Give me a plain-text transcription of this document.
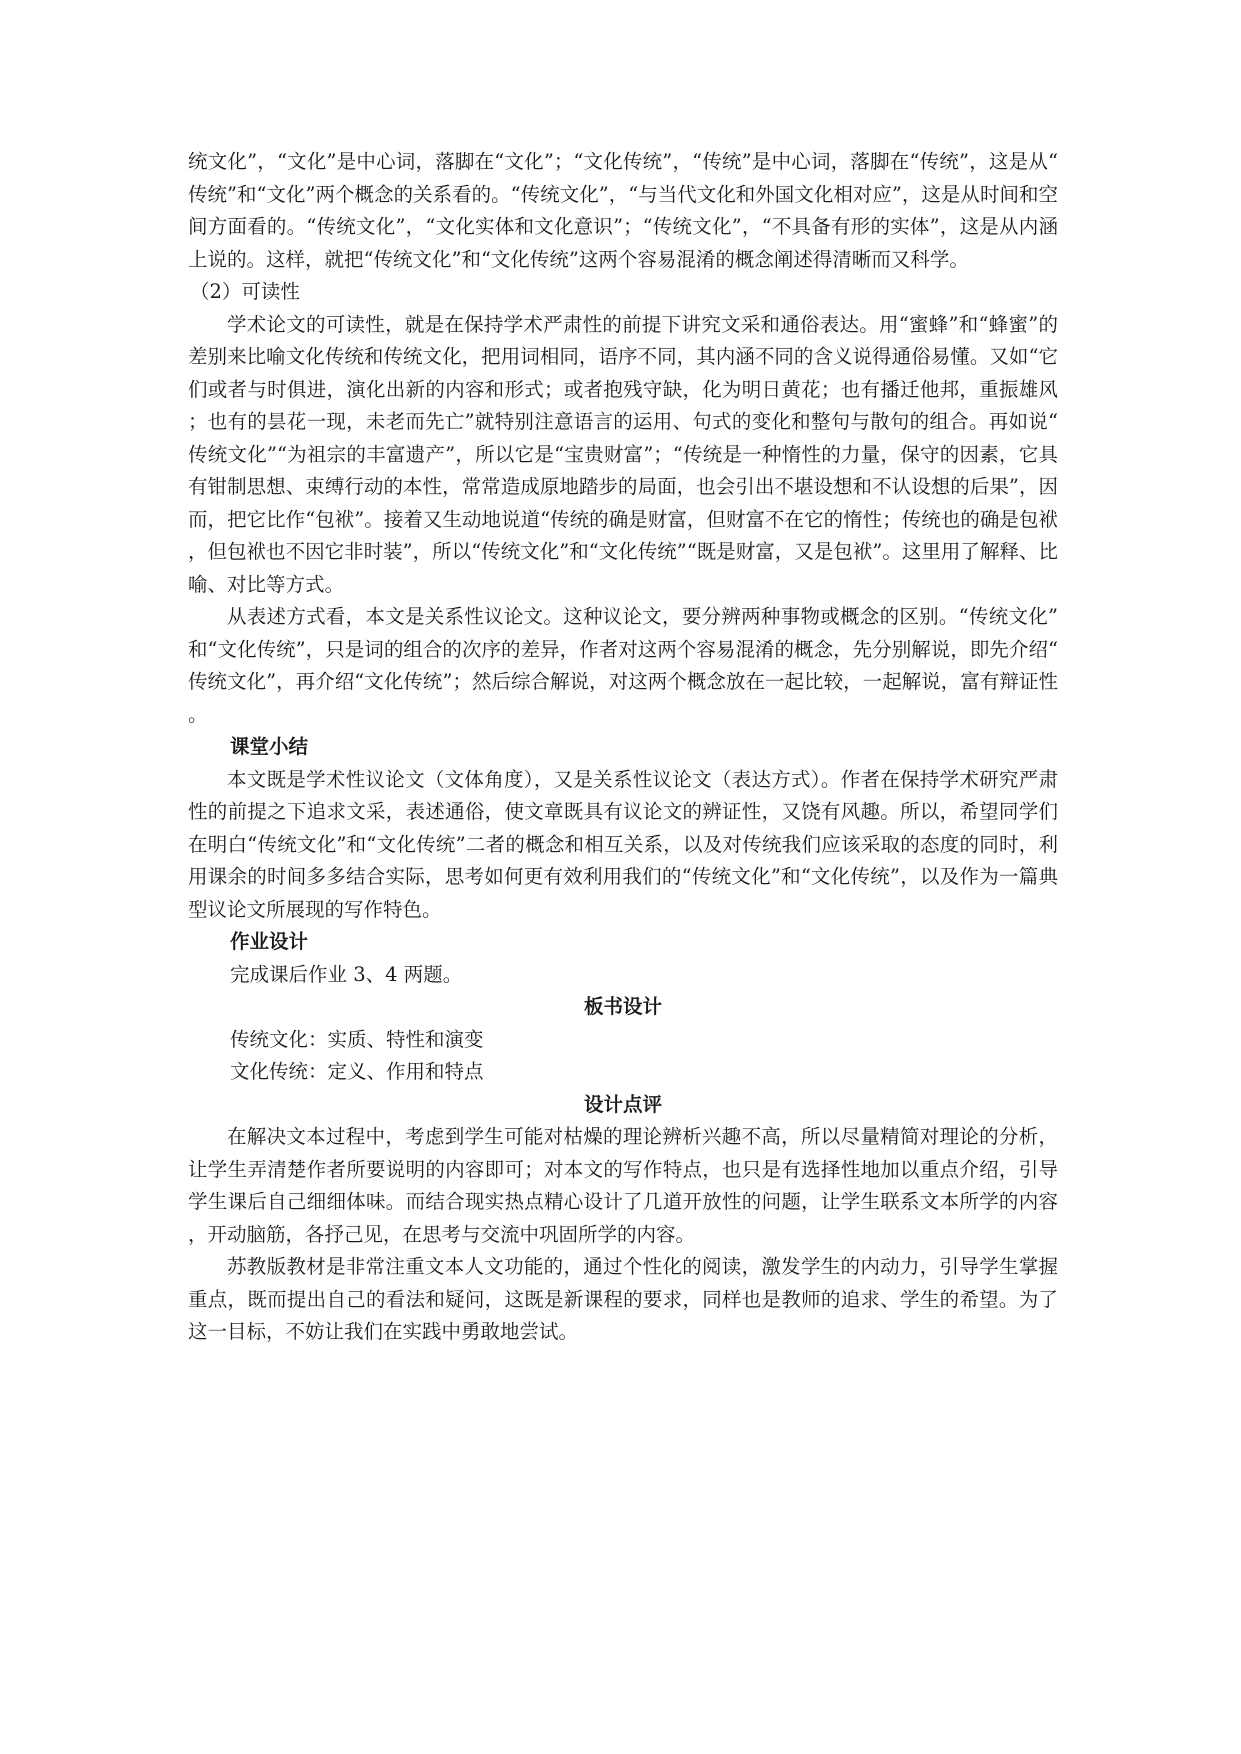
统文化”，“文化”是中心词，落脚在“文化”；“文化传统”，“传统”是中心词，落脚在“传统”，这是从“传统”和“文化”两个概念的关系看的。“传统文化”，“与当代文化和外国文化相对应”，这是从时间和空间方面看的。“传统文化”，“文化实体和文化意识”；“传统文化”，“不具备有形的实体”，这是从内涵上说的。这样，就把“传统文化”和“文化传统”这两个容易混淆的概念阐述得清晰而又科学。

（2）可读性

学术论文的可读性，就是在保持学术严肃性的前提下讲究文采和通俗表达。用“蜜蜂”和“蜂蜜”的差别来比喻文化传统和传统文化，把用词相同，语序不同，其内涵不同的含义说得通俗易懂。又如“它们或者与时俱进，演化出新的内容和形式；或者抱残守缺，化为明日黄花；也有播迁他邦，重振雄风；也有的昙花一现，未老而先亡”就特别注意语言的运用、句式的变化和整句与散句的组合。再如说“传统文化”“为祖宗的丰富遗产”，所以它是“宝贵财富”；“传统是一种惰性的力量，保守的因素，它具有钳制思想、束缚行动的本性，常常造成原地踏步的局面，也会引出不堪设想和不认设想的后果”，因而，把它比作“包袱”。接着又生动地说道“传统的确是财富，但财富不在它的惰性；传统也的确是包袱，但包袱也不因它非时装”，所以“传统文化”和“文化传统”“既是财富，又是包袱”。这里用了解释、比喻、对比等方式。

从表述方式看，本文是关系性议论文。这种议论文，要分辨两种事物或概念的区别。“传统文化”和“文化传统”，只是词的组合的次序的差异，作者对这两个容易混淆的概念，先分别解说，即先介绍“传统文化”，再介绍“文化传统”；然后综合解说，对这两个概念放在一起比较，一起解说，富有辩证性。

课堂小结

本文既是学术性议论文（文体角度），又是关系性议论文（表达方式）。作者在保持学术研究严肃性的前提之下追求文采，表述通俗，使文章既具有议论文的辨证性，又饶有风趣。所以，希望同学们在明白“传统文化”和“文化传统”二者的概念和相互关系，以及对传统我们应该采取的态度的同时，利用课余的时间多多结合实际，思考如何更有效利用我们的“传统文化”和“文化传统”，以及作为一篇典型议论文所展现的写作特色。

作业设计

完成课后作业 3、4 两题。

板书设计

传统文化：实质、特性和演变

文化传统：定义、作用和特点

设计点评

在解决文本过程中，考虑到学生可能对枯燥的理论辨析兴趣不高，所以尽量精简对理论的分析，让学生弄清楚作者所要说明的内容即可；对本文的写作特点，也只是有选择性地加以重点介绍，引导学生课后自己细细体味。而结合现实热点精心设计了几道开放性的问题，让学生联系文本所学的内容，开动脑筋，各抒己见，在思考与交流中巩固所学的内容。

苏教版教材是非常注重文本人文功能的，通过个性化的阅读，激发学生的内动力，引导学生掌握重点，既而提出自己的看法和疑问，这既是新课程的要求，同样也是教师的追求、学生的希望。为了这一目标，不妨让我们在实践中勇敢地尝试。
